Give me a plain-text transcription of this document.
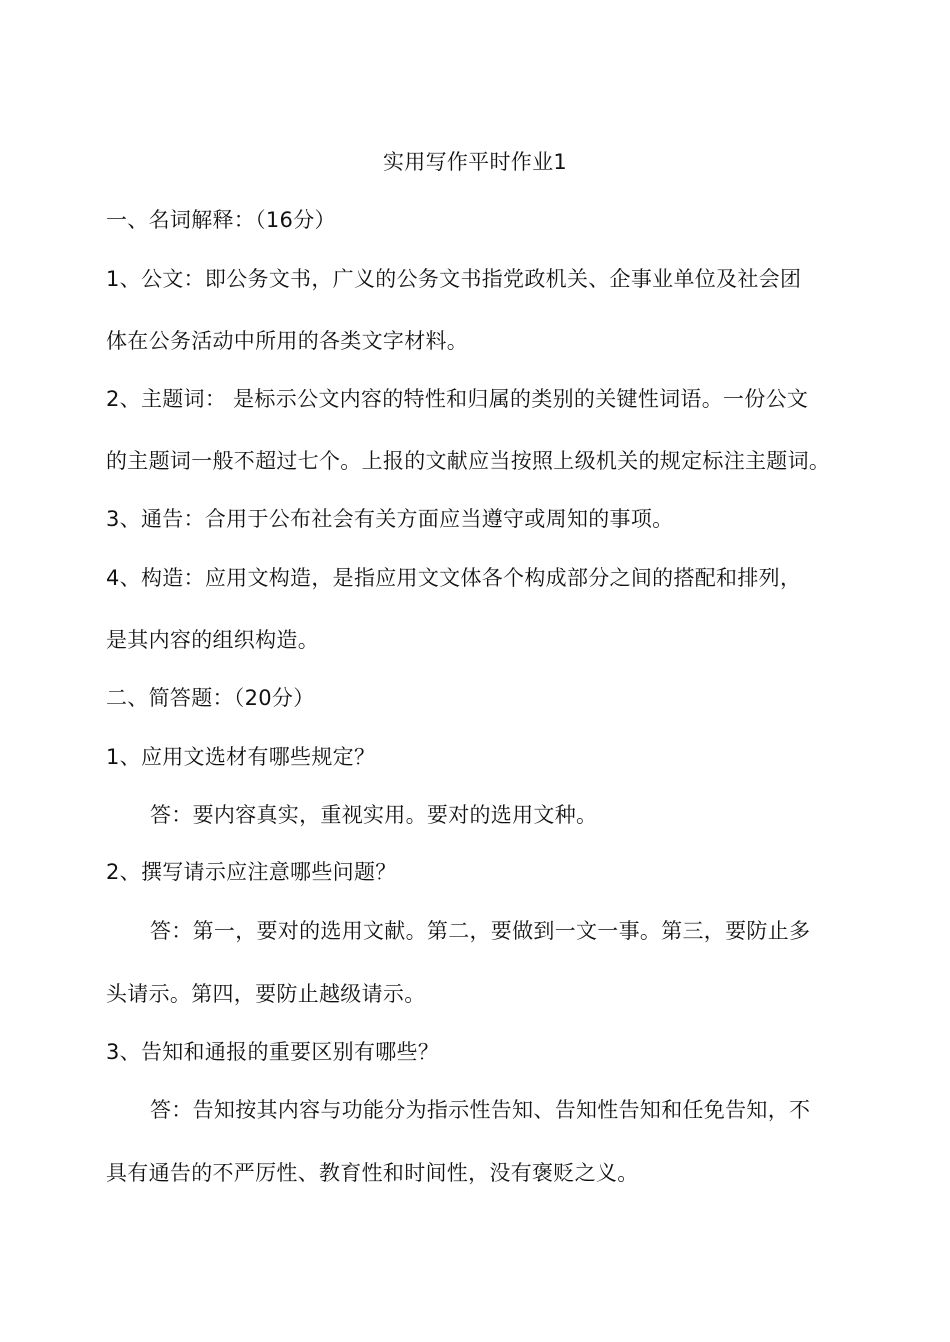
实用写作平时作业1
一、名词解释：（16分）
1、公文：即公务文书，广义的公务文书指党政机关、企事业单位及社会团
体在公务活动中所用的各类文字材料。
2、主题词： 是标示公文内容的特性和归属的类别的关键性词语。一份公文
的主题词一般不超过七个。上报的文献应当按照上级机关的规定标注主题词。
3、通告：合用于公布社会有关方面应当遵守或周知的事项。
4、构造：应用文构造，是指应用文文体各个构成部分之间的搭配和排列，
是其内容的组织构造。
二、简答题：（20分）
1、应用文选材有哪些规定？
答：要内容真实，重视实用。要对的选用文种。
2、撰写请示应注意哪些问题？
答：第一，要对的选用文献。第二，要做到一文一事。第三，要防止多
头请示。第四，要防止越级请示。
3、告知和通报的重要区别有哪些？
答：告知按其内容与功能分为指示性告知、告知性告知和任免告知，不
具有通告的不严厉性、教育性和时间性，没有褒贬之义。
